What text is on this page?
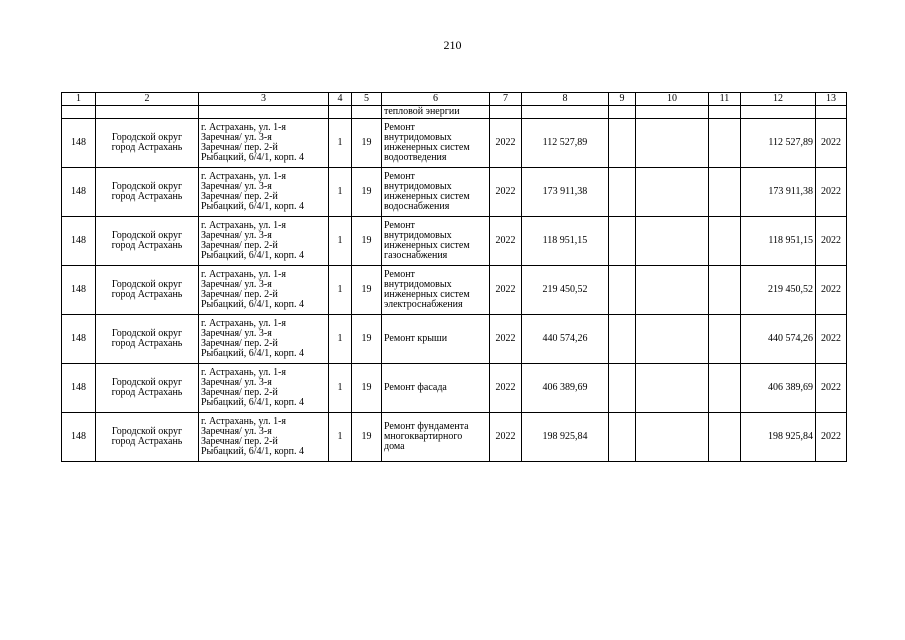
210
1	2	3	4	5	6	7	8	9	10	11	12	13
					тепловой энергии							
148	Городской округ
город Астрахань	г. Астрахань, ул. 1-я
Заречная/ ул. 3-я
Заречная/ пер. 2-й
Рыбацкий, 6/4/1, корп. 4	1	19	Ремонт
внутридомовых
инженерных систем
водоотведения	2022	112 527,89				112 527,89	2022
148	Городской округ
город Астрахань	г. Астрахань, ул. 1-я
Заречная/ ул. 3-я
Заречная/ пер. 2-й
Рыбацкий, 6/4/1, корп. 4	1	19	Ремонт
внутридомовых
инженерных систем
водоснабжения	2022	173 911,38				173 911,38	2022
148	Городской округ
город Астрахань	г. Астрахань, ул. 1-я
Заречная/ ул. 3-я
Заречная/ пер. 2-й
Рыбацкий, 6/4/1, корп. 4	1	19	Ремонт
внутридомовых
инженерных систем
газоснабжения	2022	118 951,15				118 951,15	2022
148	Городской округ
город Астрахань	г. Астрахань, ул. 1-я
Заречная/ ул. 3-я
Заречная/ пер. 2-й
Рыбацкий, 6/4/1, корп. 4	1	19	Ремонт
внутридомовых
инженерных систем
электроснабжения	2022	219 450,52				219 450,52	2022
148	Городской округ
город Астрахань	г. Астрахань, ул. 1-я
Заречная/ ул. 3-я
Заречная/ пер. 2-й
Рыбацкий, 6/4/1, корп. 4	1	19	Ремонт крыши	2022	440 574,26				440 574,26	2022
148	Городской округ
город Астрахань	г. Астрахань, ул. 1-я
Заречная/ ул. 3-я
Заречная/ пер. 2-й
Рыбацкий, 6/4/1, корп. 4	1	19	Ремонт фасада	2022	406 389,69				406 389,69	2022
148	Городской округ
город Астрахань	г. Астрахань, ул. 1-я
Заречная/ ул. 3-я
Заречная/ пер. 2-й
Рыбацкий, 6/4/1, корп. 4	1	19	Ремонт фундамента
многоквартирного
дома	2022	198 925,84				198 925,84	2022
